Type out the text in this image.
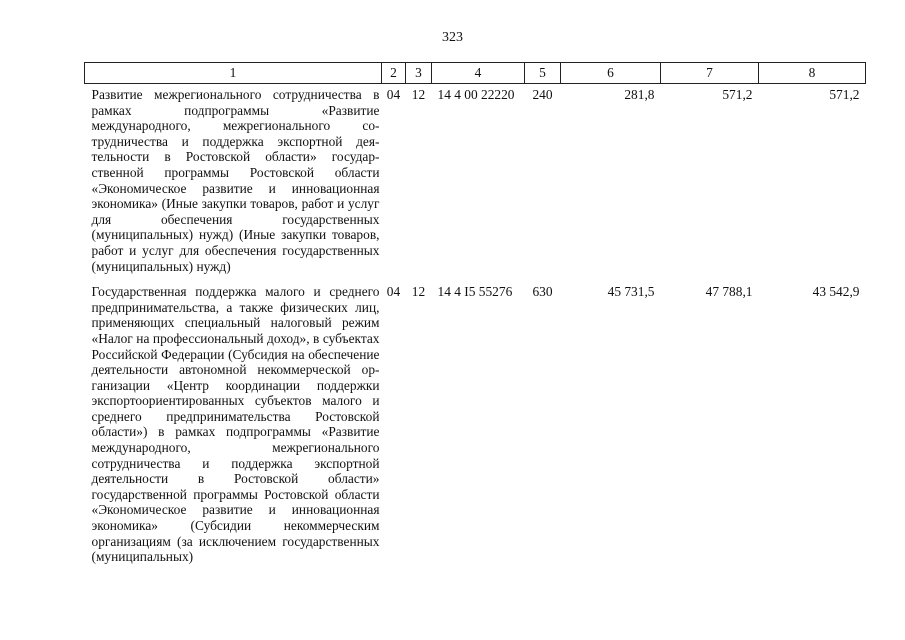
323
1	2	3	4	5	6	7	8
Развитие межрегионального сотрудничества в рамках подпрограммы «Развитие международного, межрегионального сотрудничества и поддержка экспортной деятельности в Ростовской области» государственной программы Ростовской области «Экономическое развитие и инновационная экономика» (Иные закупки товаров, работ и услуг для обеспечения государственных (муниципальных) нужд) (Иные закупки товаров, работ и услуг для обеспечения государственных (муниципальных) нужд)	04	12	14 4 00 22220	240	281,8	571,2	571,2
Государственная поддержка малого и среднего предпринимательства, а также физических лиц, применяющих специальный налоговый режим «Налог на профессиональный доход», в субъектах Российской Федерации (Субсидия на обеспечение деятельности автономной некоммерческой организации «Центр координации поддержки экспортоориентированных субъектов малого и среднего предпринимательства Ростовской области») в рамках подпрограммы «Развитие международного, межрегионального сотрудничества и поддержка экспортной деятельности в Ростовской области» государственной программы Ростовской области «Экономическое развитие и инновационная экономика» (Субсидии некоммерческим организациям (за исключением государственных (муниципальных)	04	12	14 4 I5 55276	630	45 731,5	47 788,1	43 542,9
